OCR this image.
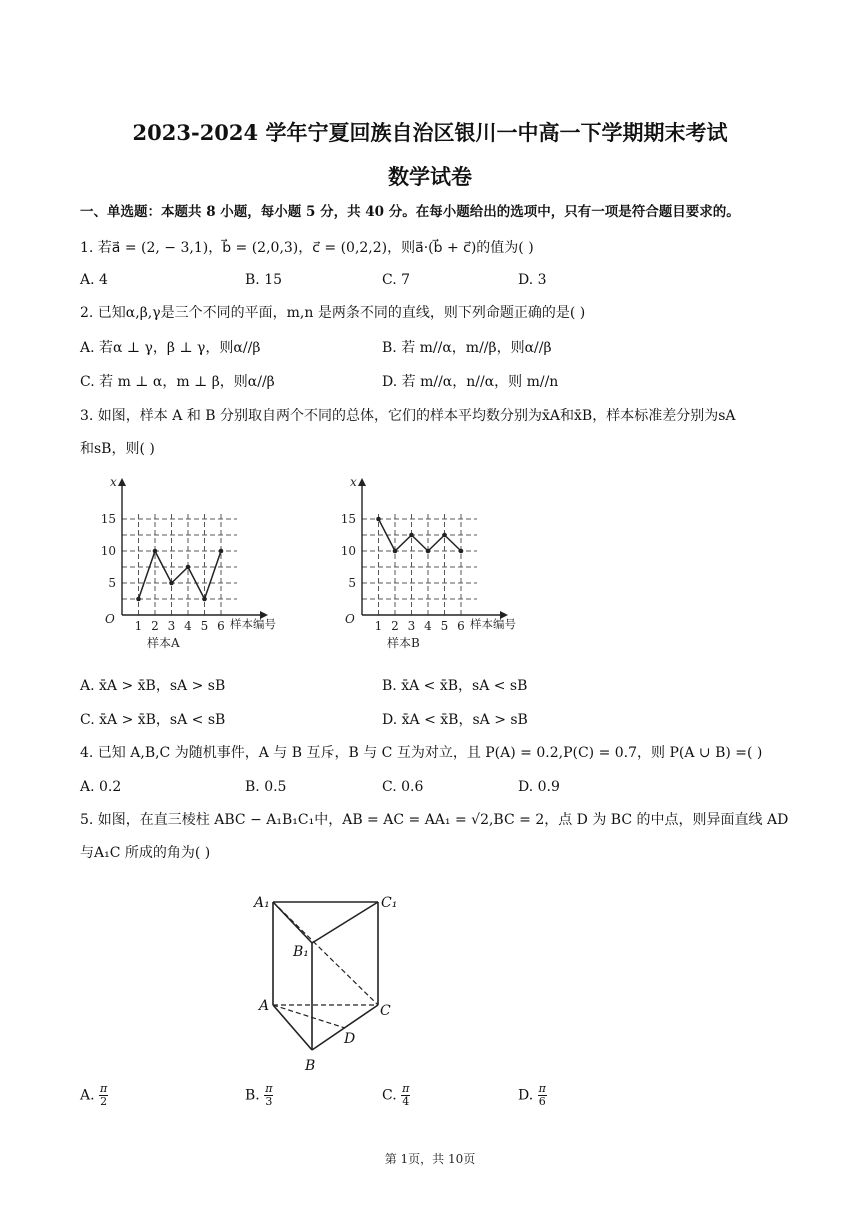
2023-2024 学年宁夏回族自治区银川一中高一下学期期末考试
数学试卷
一、单选题：本题共 8 小题，每小题 5 分，共 40 分。在每小题给出的选项中，只有一项是符合题目要求的。
1. 若a⃗ = (2, − 3,1)，b⃗ = (2,0,3)，c⃗ = (0,2,2)，则a⃗·(b⃗ + c⃗)的值为( )
A. 4	B. 15	C. 7	D. 3
2. 已知α,β,γ是三个不同的平面，m,n 是两条不同的直线，则下列命题正确的是( )
A. 若α ⊥ γ，β ⊥ γ，则α//β	B. 若 m//α，m//β，则α//β
C. 若 m ⊥ α，m ⊥ β，则α//β	D. 若 m//α，n//α，则 m//n
3. 如图，样本 A 和 B 分别取自两个不同的总体，它们的样本平均数分别为x̄A和x̄B，样本标准差分别为sA
和sB，则( )
5
10
15
1 2 3 4 5 6
x
O	样本编号
样本A
5
10
15
1 2 3 4 5 6
x
O	样本编号
样本B
A. x̄A > x̄B，sA > sB	B. x̄A < x̄B，sA < sB
C. x̄A > x̄B，sA < sB	D. x̄A < x̄B，sA > sB
4. 已知 A,B,C 为随机事件，A 与 B 互斥，B 与 C 互为对立，且 P(A) = 0.2,P(C) = 0.7，则 P(A ∪ B) =( )
A. 0.2	B. 0.5	C. 0.6	D. 0.9
5. 如图，在直三棱柱 ABC − A₁B₁C₁中，AB = AC = AA₁ = √2,BC = 2，点 D 为 BC 的中点，则异面直线 AD
与A₁C 所成的角为( )
A₁	C₁
B₁
A	C
D
B
A. $\frac{\pi}{2}$	B. $\frac{\pi}{3}$	C. $\frac{\pi}{4}$	D. $\frac{\pi}{6}$
第 1页，共 10页
